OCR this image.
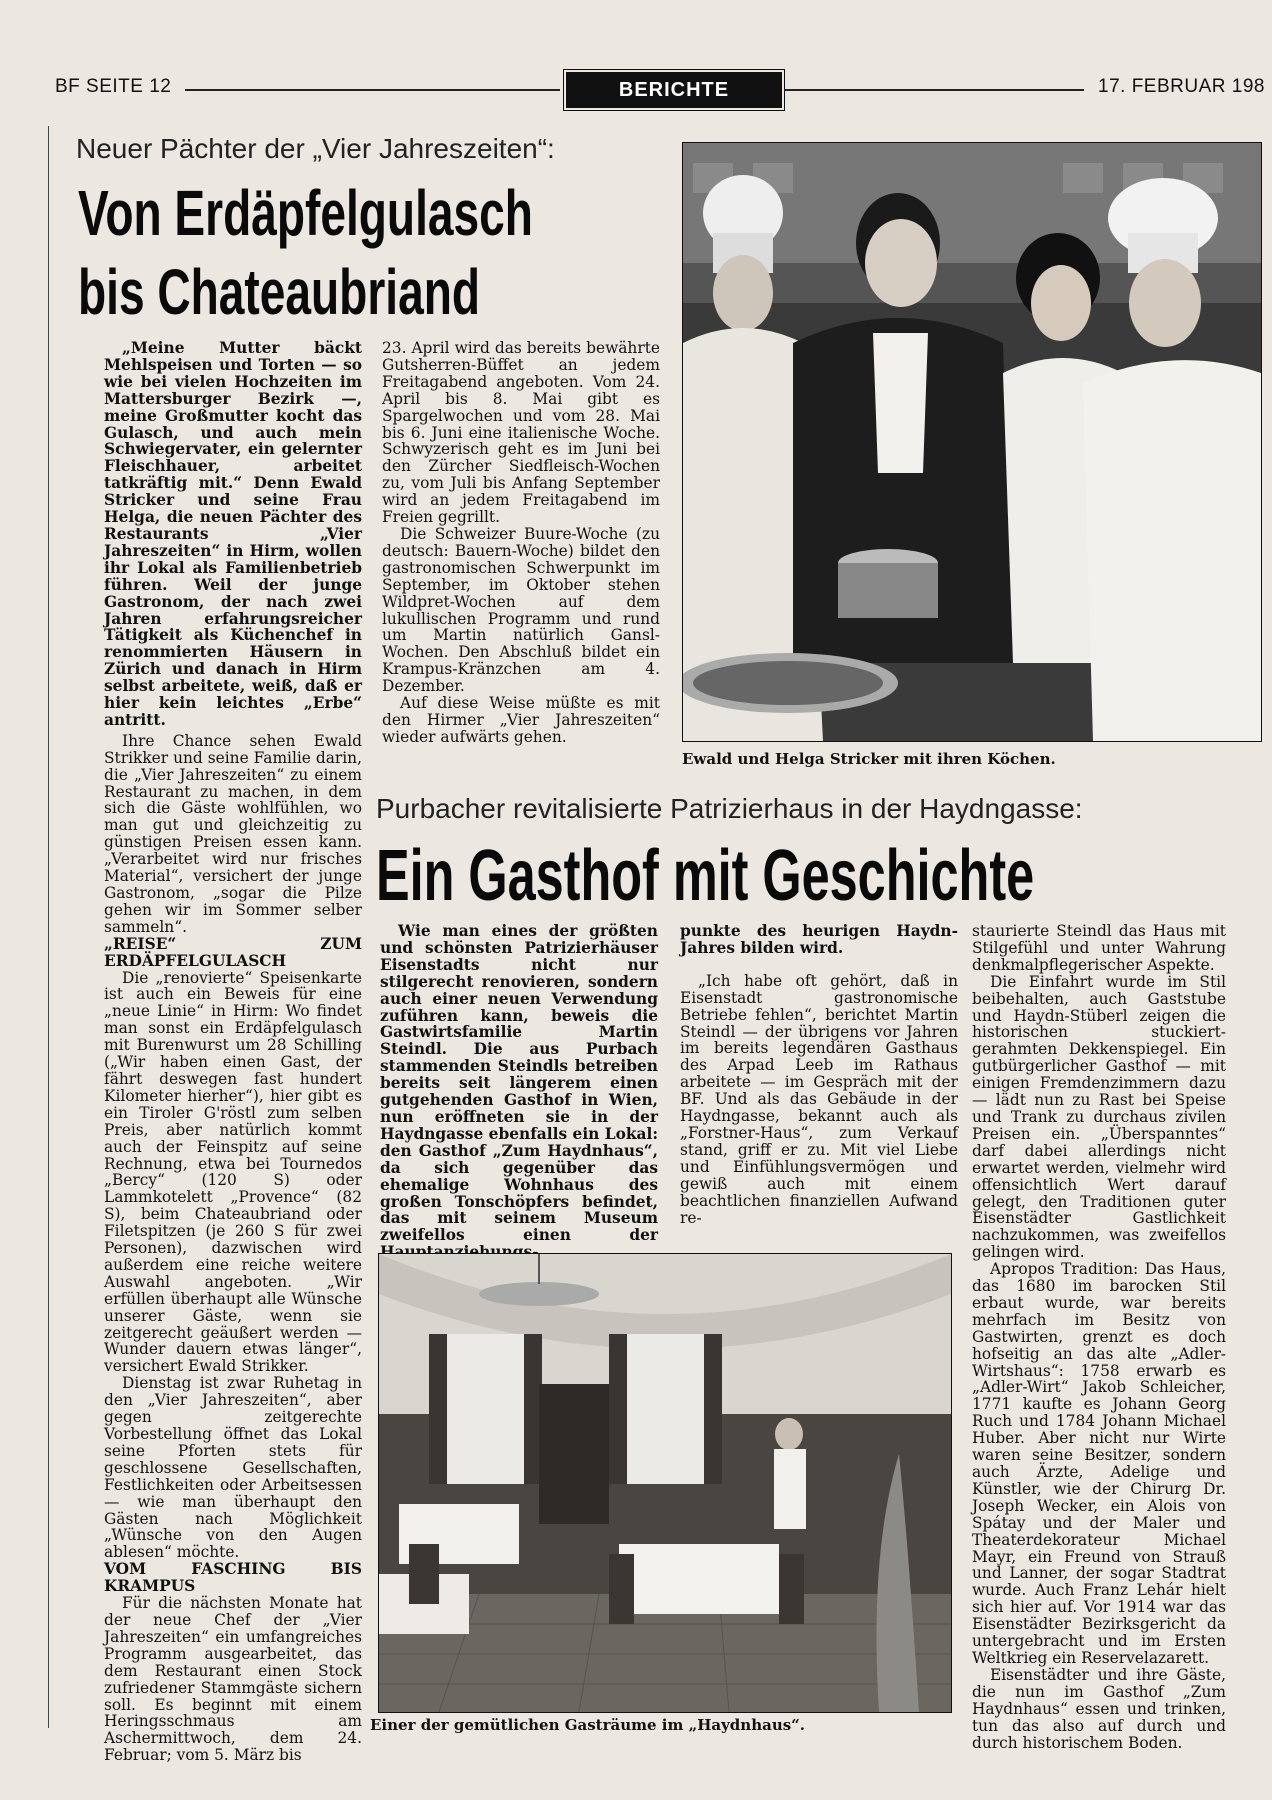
BF SEITE 12	BERICHTE	17. FEBRUAR 198
Neuer Pächter der „Vier Jahreszeiten“:
Von Erdäpfelgulasch
bis Chateaubriand

„Meine Mutter bäckt Mehlspeisen und Torten — so wie bei vielen Hochzeiten im Mattersburger Bezirk —, meine Großmutter kocht das Gulasch, und auch mein Schwiegervater, ein gelernter Fleischhauer, arbeitet tatkräftig mit.“ Denn Ewald Stricker und seine Frau Helga, die neuen Pächter des Restaurants „Vier Jahreszeiten“ in Hirm, wollen ihr Lokal als Familienbetrieb führen. Weil der junge Gastronom, der nach zwei Jahren erfahrungsreicher Tätigkeit als Küchenchef in renommierten Häusern in Zürich und danach in Hirm selbst arbeitete, weiß, daß er hier kein leichtes „Erbe“ antritt.

Ihre Chance sehen Ewald Strikker und seine Familie darin, die „Vier Jahreszeiten“ zu einem Restaurant zu machen, in dem sich die Gäste wohlfühlen, wo man gut und gleichzeitig zu günstigen Preisen essen kann. „Verarbeitet wird nur frisches Material“, versichert der junge Gastronom, „sogar die Pilze gehen wir im Sommer selber sammeln“.

„REISE“ ZUM ERDÄPFELGULASCH

Die „renovierte“ Speisenkarte ist auch ein Beweis für eine „neue Linie“ in Hirm: Wo findet man sonst ein Erdäpfelgulasch mit Burenwurst um 28 Schilling („Wir haben einen Gast, der fährt deswegen fast hundert Kilometer hierher“), hier gibt es ein Tiroler G'röstl zum selben Preis, aber natürlich kommt auch der Feinspitz auf seine Rechnung, etwa bei Tournedos „Bercy“ (120 S) oder Lammkotelett „Provence“ (82 S), beim Chateaubriand oder Filetspitzen (je 260 S für zwei Personen), dazwischen wird außerdem eine reiche weitere Auswahl angeboten. „Wir erfüllen überhaupt alle Wünsche unserer Gäste, wenn sie zeitgerecht geäußert werden — Wunder dauern etwas länger“, versichert Ewald Strikker.

Dienstag ist zwar Ruhetag in den „Vier Jahreszeiten“, aber gegen zeitgerechte Vorbestellung öffnet das Lokal seine Pforten stets für geschlossene Gesellschaften, Festlichkeiten oder Arbeitsessen — wie man überhaupt den Gästen nach Möglichkeit „Wünsche von den Augen ablesen“ möchte.

VOM FASCHING BIS KRAMPUS

Für die nächsten Monate hat der neue Chef der „Vier Jahreszeiten“ ein umfangreiches Programm ausgearbeitet, das dem Restaurant einen Stock zufriedener Stammgäste sichern soll. Es beginnt mit einem Heringsschmaus am Aschermittwoch, dem 24. Februar; vom 5. März bis

23. April wird das bereits bewährte Gutsherren-Büffet an jedem Freitagabend angeboten. Vom 24. April bis 8. Mai gibt es Spargelwochen und vom 28. Mai bis 6. Juni eine italienische Woche. Schwyzerisch geht es im Juni bei den Zürcher Siedfleisch-Wochen zu, vom Juli bis Anfang September wird an jedem Freitagabend im Freien gegrillt.

Die Schweizer Buure-Woche (zu deutsch: Bauern-Woche) bildet den gastronomischen Schwerpunkt im September, im Oktober stehen Wildpret-Wochen auf dem lukullischen Programm und rund um Martin natürlich Gansl-Wochen. Den Abschluß bildet ein Krampus-Kränzchen am 4. Dezember.

Auf diese Weise müßte es mit den Hirmer „Vier Jahreszeiten“ wieder aufwärts gehen.

Ewald und Helga Stricker mit ihren Köchen.
Purbacher revitalisierte Patrizierhaus in der Haydngasse:
Ein Gasthof mit Geschichte

Wie man eines der größten und schönsten Patrizierhäuser Eisenstadts nicht nur stilgerecht renovieren, sondern auch einer neuen Verwendung zuführen kann, beweis die Gastwirtsfamilie Martin Steindl. Die aus Purbach stammenden Steindls betreiben bereits seit längerem einen gutgehenden Gasthof in Wien, nun eröffneten sie in der Haydngasse ebenfalls ein Lokal: den Gasthof „Zum Haydnhaus“, da sich gegenüber das ehemalige Wohnhaus des großen Tonschöpfers befindet, das mit seinem Museum zweifellos einen der

punkte des heurigen Haydn-Jahres bilden wird.

„Ich habe oft gehört, daß in Eisenstadt gastronomische Betriebe fehlen“, berichtet Martin Steindl — der übrigens vor Jahren im bereits legendären Gasthaus des Arpad Leeb im Rathaus arbeitete — im Gespräch mit der BF. Und als das Gebäude in der Haydngasse, bekannt auch als „Forstner-Haus“, zum Verkauf stand, griff er zu. Mit viel Liebe und Einfühlungsvermögen und gewiß auch mit einem beachtlichen finanziellen Aufwand re-

staurierte Steindl das Haus mit Stilgefühl und unter Wahrung denkmalpflegerischer Aspekte.

Die Einfahrt wurde im Stil beibehalten, auch Gaststube und Haydn-Stüberl zeigen die historischen stuckiert-gerahmten Dekkenspiegel. Ein gutbürgerlicher Gasthof — mit einigen Fremdenzimmern dazu — lädt nun zu Rast bei Speise und Trank zu durchaus zivilen Preisen ein. „Überspanntes“ darf dabei allerdings nicht erwartet werden, vielmehr wird offensichtlich Wert darauf gelegt, den Traditionen guter Eisenstädter Gastlichkeit nachzukommen, was zweifellos gelingen wird.

Apropos Tradition: Das Haus, das 1680 im barocken Stil erbaut wurde, war bereits mehrfach im Besitz von Gastwirten, grenzt es doch hofseitig an das alte „Adler-Wirtshaus“: 1758 erwarb es „Adler-Wirt“ Jakob Schleicher, 1771 kaufte es Johann Georg Ruch und 1784 Johann Michael Huber. Aber nicht nur Wirte waren seine Besitzer, sondern auch Ärzte, Adelige und Künstler, wie der Chirurg Dr. Joseph Wecker, ein Alois von Spátay und der Maler und Theaterdekorateur Michael Mayr, ein Freund von Strauß und Lanner, der sogar Stadtrat wurde. Auch Franz Lehár hielt sich hier auf. Vor 1914 war das Eisenstädter Bezirksgericht da untergebracht und im Ersten Weltkrieg ein Reservelazarett.

Eisenstädter und ihre Gäste, die nun im Gasthof „Zum Haydnhaus“ essen und trinken, tun das also auf durch und durch historischem Boden.

Einer der gemütlichen Gasträume im „Haydnhaus“.
